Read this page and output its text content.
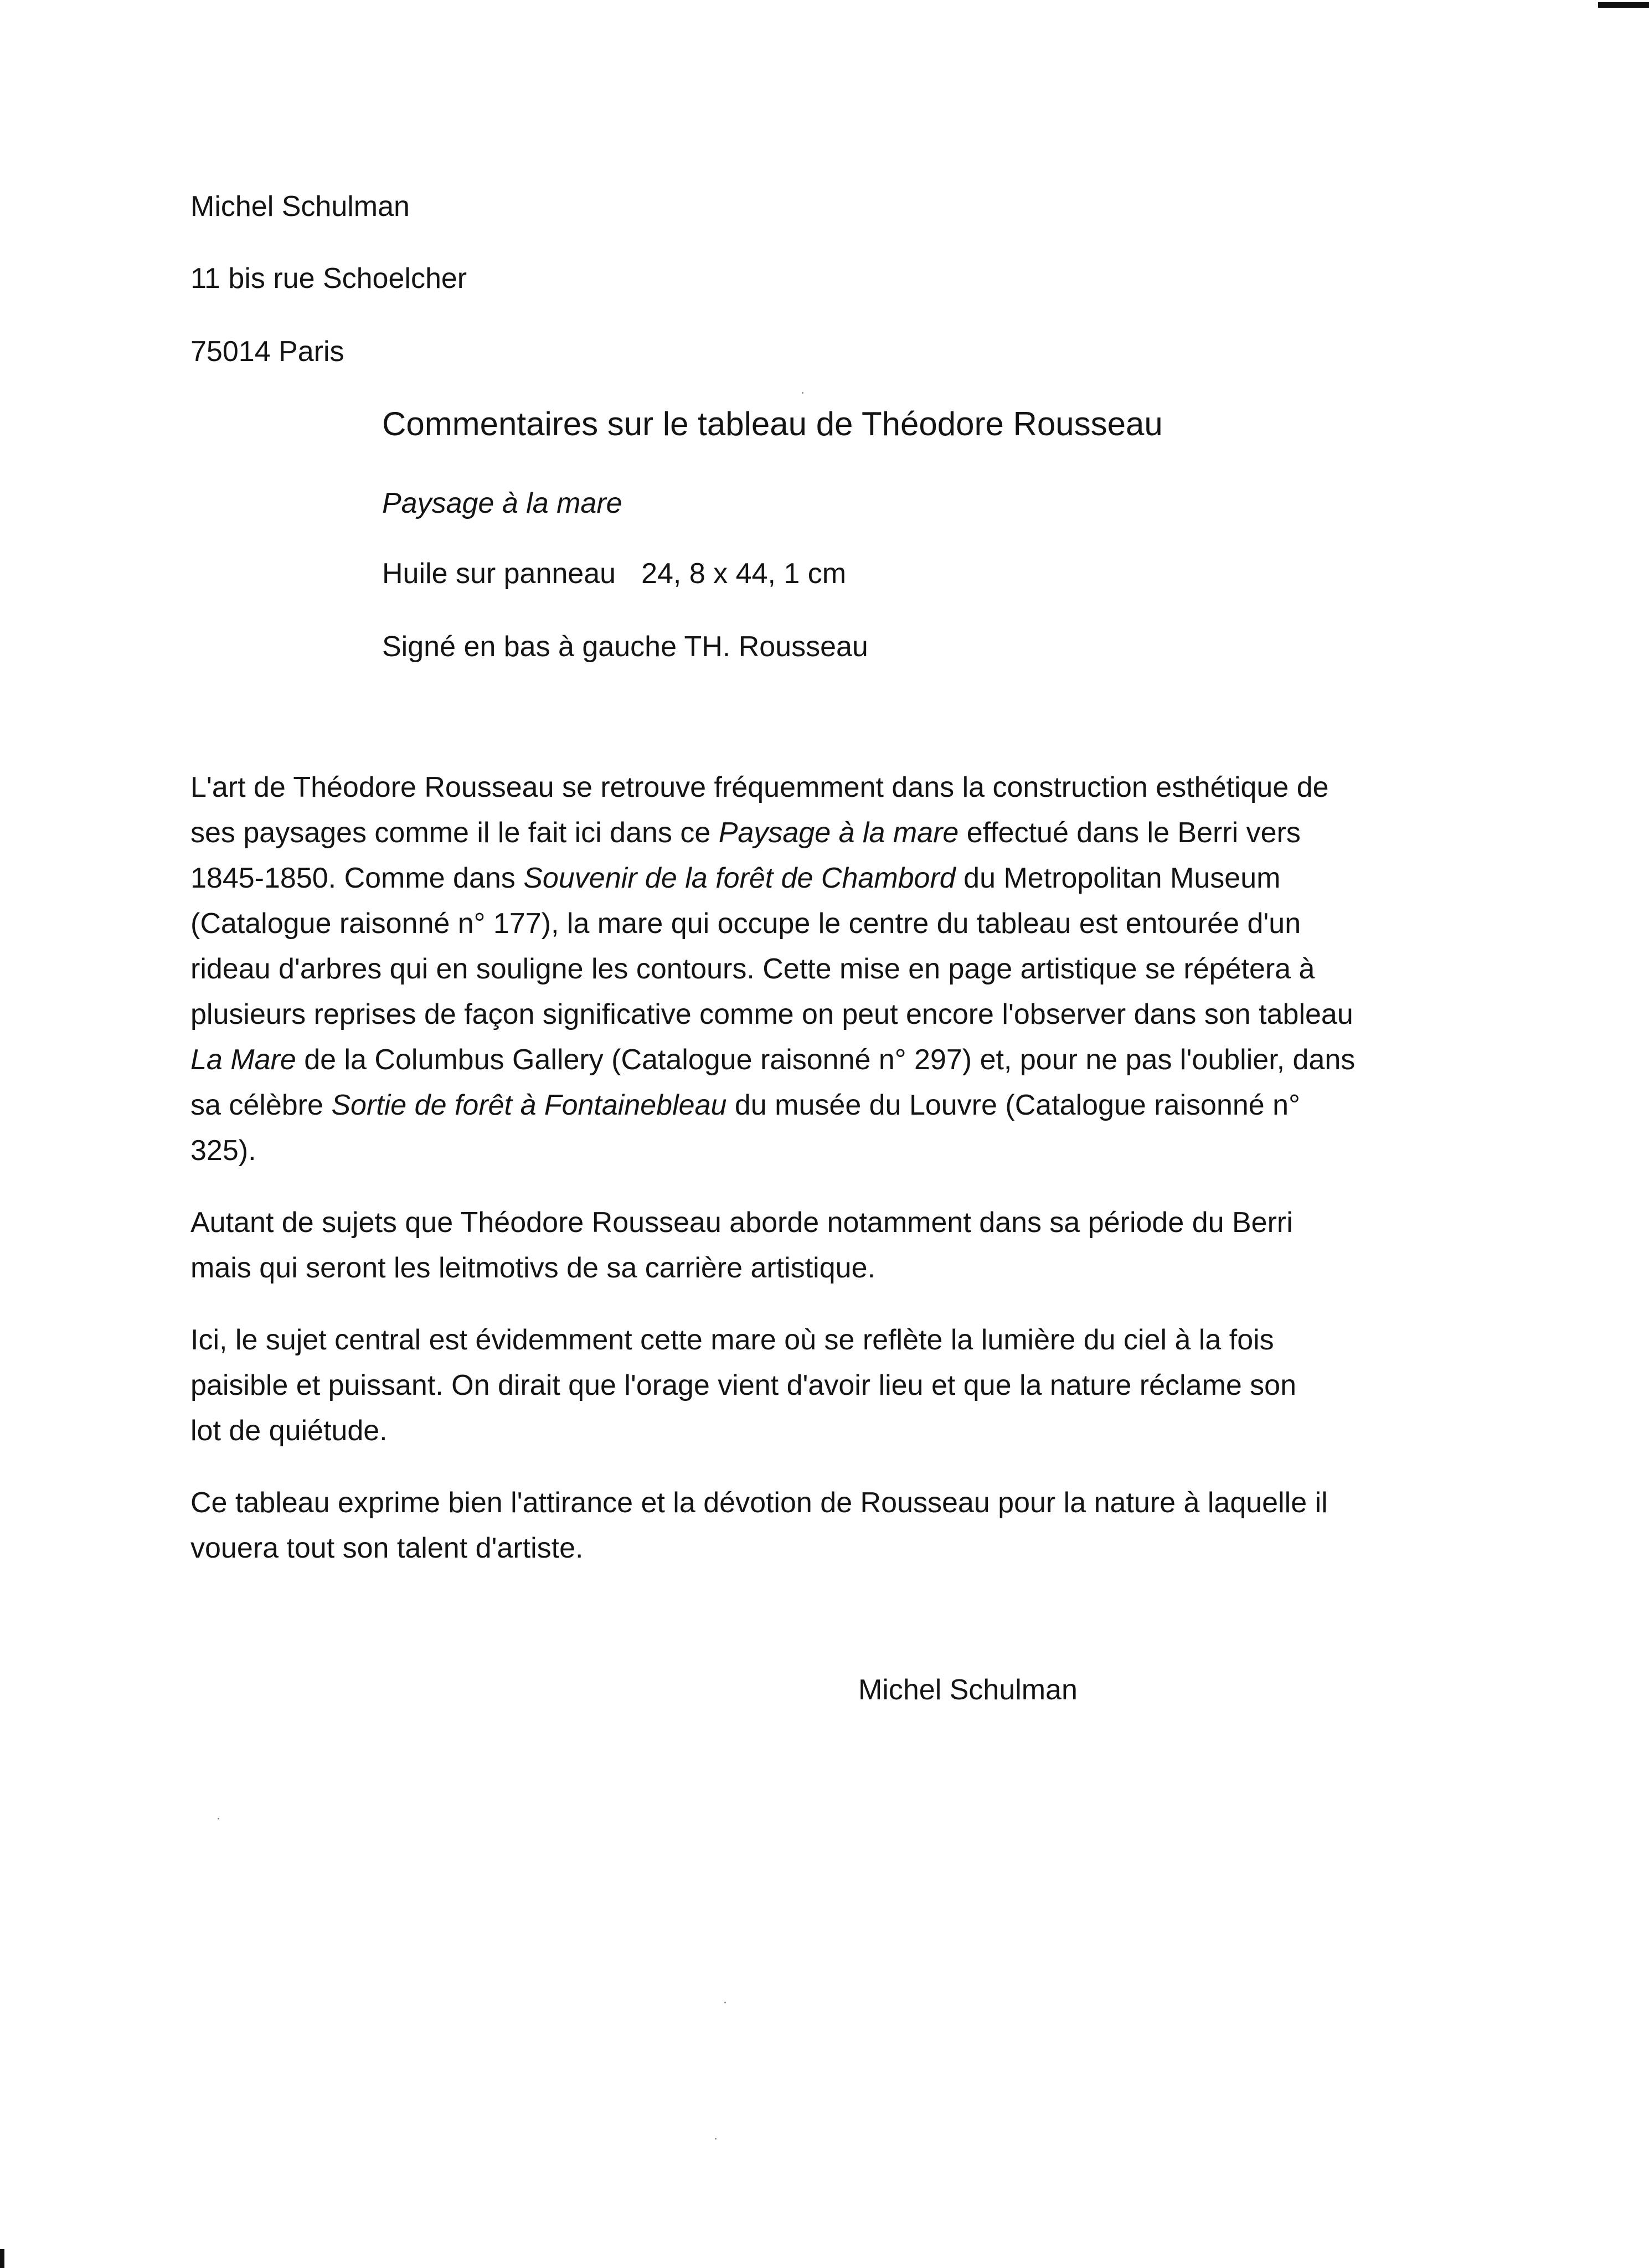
Michel Schulman

11 bis rue Schoelcher

75014 Paris

Commentaires sur le tableau de Théodore Rousseau

Paysage à la mare

Huile sur panneau 24, 8 x 44, 1 cm

Signé en bas à gauche TH. Rousseau

L'art de Théodore Rousseau se retrouve fréquemment dans la construction esthétique de

ses paysages comme il le fait ici dans ce Paysage à la mare effectué dans le Berri vers

1845-1850. Comme dans Souvenir de la forêt de Chambord du Metropolitan Museum

(Catalogue raisonné n° 177), la mare qui occupe le centre du tableau est entourée d'un

rideau d'arbres qui en souligne les contours. Cette mise en page artistique se répétera à

plusieurs reprises de façon significative comme on peut encore l'observer dans son tableau

La Mare de la Columbus Gallery (Catalogue raisonné n° 297) et, pour ne pas l'oublier, dans

sa célèbre Sortie de forêt à Fontainebleau du musée du Louvre (Catalogue raisonné n°

325).

Autant de sujets que Théodore Rousseau aborde notamment dans sa période du Berri

mais qui seront les leitmotivs de sa carrière artistique.

Ici, le sujet central est évidemment cette mare où se reflète la lumière du ciel à la fois

paisible et puissant. On dirait que l'orage vient d'avoir lieu et que la nature réclame son

lot de quiétude.

Ce tableau exprime bien l'attirance et la dévotion de Rousseau pour la nature à laquelle il

vouera tout son talent d'artiste.

Michel Schulman
